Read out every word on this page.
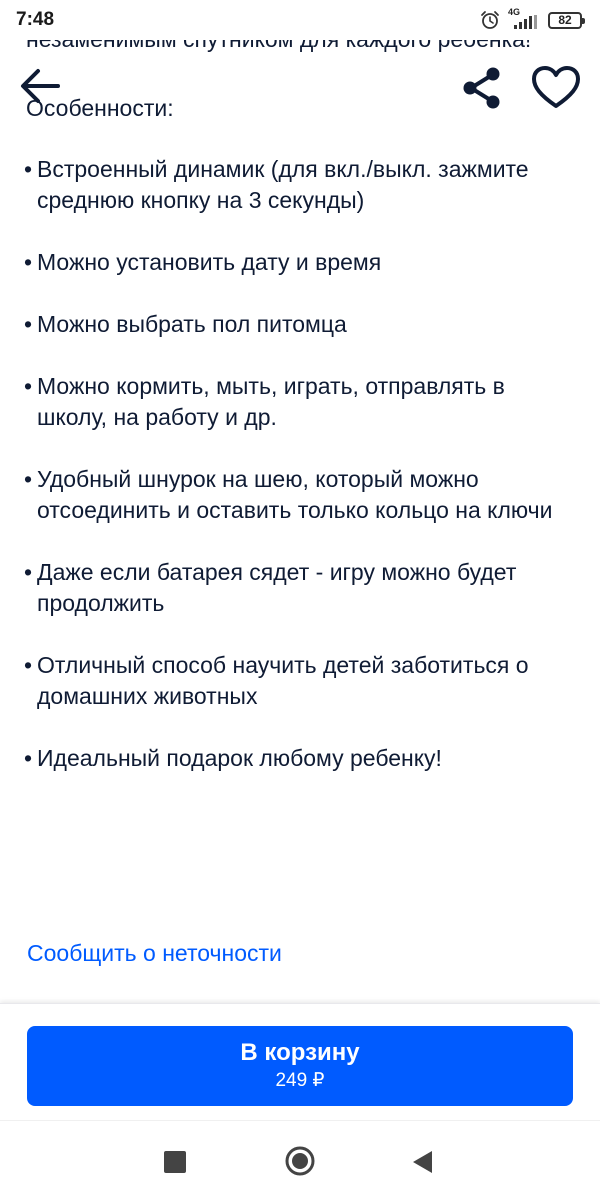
Особенности:

• Встроенный динамик (для вкл./выкл. зажмите среднюю кнопку на 3 секунды)
• Можно установить дату и время
• Можно выбрать пол питомца
• Можно кормить, мыть, играть, отправлять в школу, на работу и др.
• Удобный шнурок на шею, который можно отсоединить и оставить только кольцо на ключи
• Даже если батарея сядет - игру можно будет продолжить
• Отличный способ научить детей заботиться о домашних животных
• Идеальный подарок любому ребенку!
Сообщить о неточности
7:48	4G
82
В корзину
249 ₽
